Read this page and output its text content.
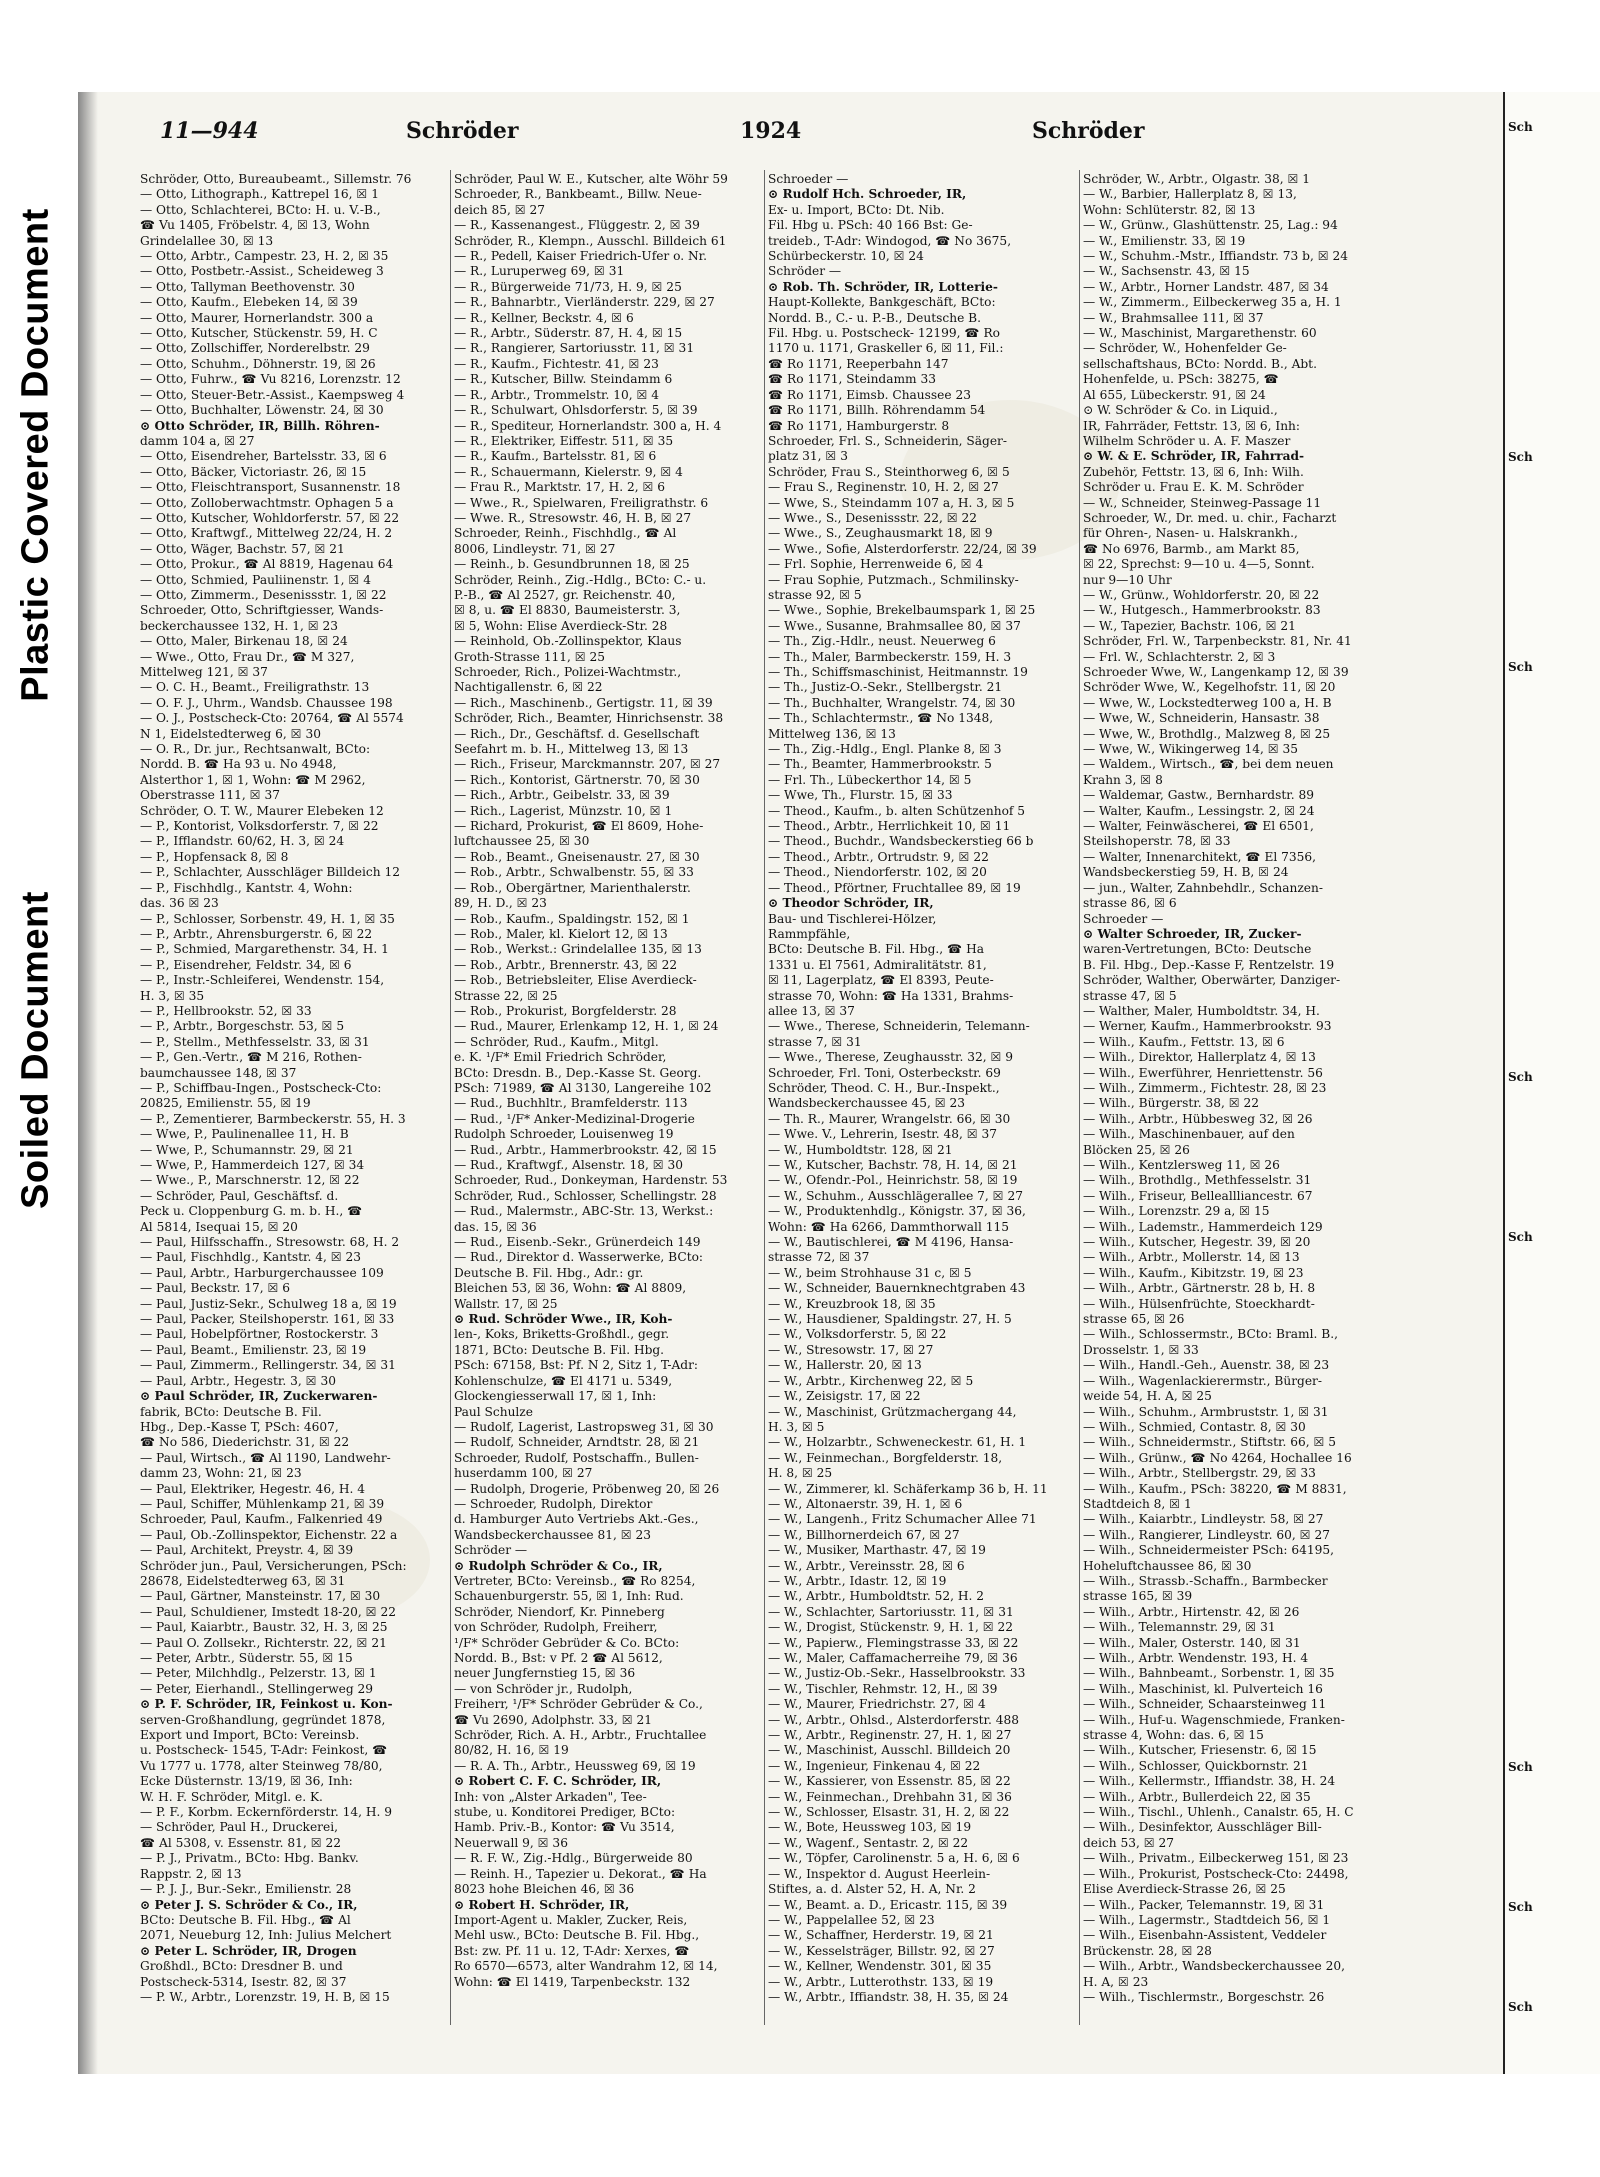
Plastic Covered Document
Soiled Document
11—944	Schröder	1924	Schröder
Schröder, Otto, Bureaubeamt., Sillemstr. 76
— Otto, Lithograph., Kattrepel 16, ☒ 1
— Otto, Schlachterei, BCto: H. u. V.-B.,
☎ Vu 1405, Fröbelstr. 4, ☒ 13, Wohn
Grindelallee 30, ☒ 13
— Otto, Arbtr., Campestr. 23, H. 2, ☒ 35
— Otto, Postbetr.-Assist., Scheideweg 3
— Otto, Tallyman Beethovenstr. 30
— Otto, Kaufm., Elebeken 14, ☒ 39
— Otto, Maurer, Hornerlandstr. 300 a
— Otto, Kutscher, Stückenstr. 59, H. C
— Otto, Zollschiffer, Norderelbstr. 29
— Otto, Schuhm., Döhnerstr. 19, ☒ 26
— Otto, Fuhrw., ☎ Vu 8216, Lorenzstr. 12
— Otto, Steuer-Betr.-Assist., Kaempsweg 4
— Otto, Buchhalter, Löwenstr. 24, ☒ 30
⊙ Otto Schröder, IR, Billh. Röhren-
damm 104 a, ☒ 27
— Otto, Eisendreher, Bartelsstr. 33, ☒ 6
— Otto, Bäcker, Victoriastr. 26, ☒ 15
— Otto, Fleischtransport, Susannenstr. 18
— Otto, Zolloberwachtmstr. Ophagen 5 a
— Otto, Kutscher, Wohldorferstr. 57, ☒ 22
— Otto, Kraftwgf., Mittelweg 22/24, H. 2
— Otto, Wäger, Bachstr. 57, ☒ 21
— Otto, Prokur., ☎ Al 8819, Hagenau 64
— Otto, Schmied, Pauliinenstr. 1, ☒ 4
— Otto, Zimmerm., Desenissstr. 1, ☒ 22
Schroeder, Otto, Schriftgiesser, Wands-
beckerchaussee 132, H. 1, ☒ 23
— Otto, Maler, Birkenau 18, ☒ 24
— Wwe., Otto, Frau Dr., ☎ M 327,
Mittelweg 121, ☒ 37
— O. C. H., Beamt., Freiligrathstr. 13
— O. F. J., Uhrm., Wandsb. Chaussee 198
— O. J., Postscheck-Cto: 20764, ☎ Al 5574
N 1, Eidelstedterweg 6, ☒ 30
— O. R., Dr. jur., Rechtsanwalt, BCto:
Nordd. B. ☎ Ha 93 u. No 4948,
Alsterthor 1, ☒ 1, Wohn: ☎ M 2962,
Oberstrasse 111, ☒ 37
Schröder, O. T. W., Maurer Elebeken 12
— P., Kontorist, Volksdorferstr. 7, ☒ 22
— P., Ifflandstr. 60/62, H. 3, ☒ 24
— P., Hopfensack 8, ☒ 8
— P., Schlachter, Ausschläger Billdeich 12
— P., Fischhdlg., Kantstr. 4, Wohn:
das. 36 ☒ 23
— P., Schlosser, Sorbenstr. 49, H. 1, ☒ 35
— P., Arbtr., Ahrensburgerstr. 6, ☒ 22
— P., Schmied, Margarethenstr. 34, H. 1
— P., Eisendreher, Feldstr. 34, ☒ 6
— P., Instr.-Schleiferei, Wendenstr. 154,
H. 3, ☒ 35
— P., Hellbrookstr. 52, ☒ 33
— P., Arbtr., Borgeschstr. 53, ☒ 5
— P., Stellm., Methfesselstr. 33, ☒ 31
— P., Gen.-Vertr., ☎ M 216, Rothen-
baumchaussee 148, ☒ 37
— P., Schiffbau-Ingen., Postscheck-Cto:
20825, Emilienstr. 55, ☒ 19
— P., Zementierer, Barmbeckerstr. 55, H. 3
— Wwe, P., Paulinenallee 11, H. B
— Wwe, P., Schumannstr. 29, ☒ 21
— Wwe, P., Hammerdeich 127, ☒ 34
— Wwe., P., Marschnerstr. 12, ☒ 22
— Schröder, Paul, Geschäftsf. d.
Peck u. Cloppenburg G. m. b. H., ☎
Al 5814, Isequai 15, ☒ 20
— Paul, Hilfsschaffn., Stresowstr. 68, H. 2
— Paul, Fischhdlg., Kantstr. 4, ☒ 23
— Paul, Arbtr., Harburgerchaussee 109
— Paul, Beckstr. 17, ☒ 6
— Paul, Justiz-Sekr., Schulweg 18 a, ☒ 19
— Paul, Packer, Steilshoperstr. 161, ☒ 33
— Paul, Hobelpförtner, Rostockerstr. 3
— Paul, Beamt., Emilienstr. 23, ☒ 19
— Paul, Zimmerm., Rellingerstr. 34, ☒ 31
— Paul, Arbtr., Hegestr. 3, ☒ 30
⊙ Paul Schröder, IR, Zuckerwaren-
fabrik, BCto: Deutsche B. Fil.
Hbg., Dep.-Kasse T, PSch: 4607,
☎ No 586, Diederichstr. 31, ☒ 22
— Paul, Wirtsch., ☎ Al 1190, Landwehr-
damm 23, Wohn: 21, ☒ 23
— Paul, Elektriker, Hegestr. 46, H. 4
— Paul, Schiffer, Mühlenkamp 21, ☒ 39
Schroeder, Paul, Kaufm., Falkenried 49
— Paul, Ob.-Zollinspektor, Eichenstr. 22 a
— Paul, Architekt, Preystr. 4, ☒ 39
Schröder jun., Paul, Versicherungen, PSch:
28678, Eidelstedterweg 63, ☒ 31
— Paul, Gärtner, Mansteinstr. 17, ☒ 30
— Paul, Schuldiener, Imstedt 18-20, ☒ 22
— Paul, Kaiarbtr., Baustr. 32, H. 3, ☒ 25
— Paul O. Zollsekr., Richterstr. 22, ☒ 21
— Peter, Arbtr., Süderstr. 55, ☒ 15
— Peter, Milchhdlg., Pelzerstr. 13, ☒ 1
— Peter, Eierhandl., Stellingerweg 29
⊙ P. F. Schröder, IR, Feinkost u. Kon-
serven-Großhandlung, gegründet 1878,
Export und Import, BCto: Vereinsb.
u. Postscheck- 1545, T-Adr: Feinkost, ☎
Vu 1777 u. 1778, alter Steinweg 78/80,
Ecke Düsternstr. 13/19, ☒ 36, Inh:
W. H. F. Schröder, Mitgl. e. K.
— P. F., Korbm. Eckernförderstr. 14, H. 9
— Schröder, Paul H., Druckerei,
☎ Al 5308, v. Essenstr. 81, ☒ 22
— P. J., Privatm., BCto: Hbg. Bankv.
Rappstr. 2, ☒ 13
— P. J. J., Bur.-Sekr., Emilienstr. 28
⊙ Peter J. S. Schröder & Co., IR,
BCto: Deutsche B. Fil. Hbg., ☎ Al
2071, Neueburg 12, Inh: Julius Melchert
⊙ Peter L. Schröder, IR, Drogen
Großhdl., BCto: Dresdner B. und
Postscheck-5314, Isestr. 82, ☒ 37
— P. W., Arbtr., Lorenzstr. 19, H. B, ☒ 15
Schröder, Paul W. E., Kutscher, alte Wöhr 59
Schroeder, R., Bankbeamt., Billw. Neue-
deich 85, ☒ 27
— R., Kassenangest., Flüggestr. 2, ☒ 39
Schröder, R., Klempn., Ausschl. Billdeich 61
— R., Pedell, Kaiser Friedrich-Ufer o. Nr.
— R., Luruperweg 69, ☒ 31
— R., Bürgerweide 71/73, H. 9, ☒ 25
— R., Bahnarbtr., Vierländerstr. 229, ☒ 27
— R., Kellner, Beckstr. 4, ☒ 6
— R., Arbtr., Süderstr. 87, H. 4, ☒ 15
— R., Rangierer, Sartoriusstr. 11, ☒ 31
— R., Kaufm., Fichtestr. 41, ☒ 23
— R., Kutscher, Billw. Steindamm 6
— R., Arbtr., Trommelstr. 10, ☒ 4
— R., Schulwart, Ohlsdorferstr. 5, ☒ 39
— R., Spediteur, Hornerlandstr. 300 a, H. 4
— R., Elektriker, Eiffestr. 511, ☒ 35
— R., Kaufm., Bartelsstr. 81, ☒ 6
— R., Schauermann, Kielerstr. 9, ☒ 4
— Frau R., Marktstr. 17, H. 2, ☒ 6
— Wwe., R., Spielwaren, Freiligrathstr. 6
— Wwe. R., Stresowstr. 46, H. B, ☒ 27
Schroeder, Reinh., Fischhdlg., ☎ Al
8006, Lindleystr. 71, ☒ 27
— Reinh., b. Gesundbrunnen 18, ☒ 25
Schröder, Reinh., Zig.-Hdlg., BCto: C.- u.
P.-B., ☎ Al 2527, gr. Reichenstr. 40,
☒ 8, u. ☎ El 8830, Baumeisterstr. 3,
☒ 5, Wohn: Elise Averdieck-Str. 28
— Reinhold, Ob.-Zollinspektor, Klaus
Groth-Strasse 111, ☒ 25
Schroeder, Rich., Polizei-Wachtmstr.,
Nachtigallenstr. 6, ☒ 22
— Rich., Maschinenb., Gertigstr. 11, ☒ 39
Schröder, Rich., Beamter, Hinrichsenstr. 38
— Rich., Dr., Geschäftsf. d. Gesellschaft
Seefahrt m. b. H., Mittelweg 13, ☒ 13
— Rich., Friseur, Marckmannstr. 207, ☒ 27
— Rich., Kontorist, Gärtnerstr. 70, ☒ 30
— Rich., Arbtr., Geibelstr. 33, ☒ 39
— Rich., Lagerist, Münzstr. 10, ☒ 1
— Richard, Prokurist, ☎ El 8609, Hohe-
luftchaussee 25, ☒ 30
— Rob., Beamt., Gneisenaustr. 27, ☒ 30
— Rob., Arbtr., Schwalbenstr. 55, ☒ 33
— Rob., Obergärtner, Marienthalerstr.
89, H. D., ☒ 23
— Rob., Kaufm., Spaldingstr. 152, ☒ 1
— Rob., Maler, kl. Kielort 12, ☒ 13
— Rob., Werkst.: Grindelallee 135, ☒ 13
— Rob., Arbtr., Brennerstr. 43, ☒ 22
— Rob., Betriebsleiter, Elise Averdieck-
Strasse 22, ☒ 25
— Rob., Prokurist, Borgfelderstr. 28
— Rud., Maurer, Erlenkamp 12, H. 1, ☒ 24
— Schröder, Rud., Kaufm., Mitgl.
e. K. ¹/F* Emil Friedrich Schröder,
BCto: Dresdn. B., Dep.-Kasse St. Georg.
PSch: 71989, ☎ Al 3130, Langereihe 102
— Rud., Buchhltr., Bramfelderstr. 113
— Rud., ¹/F* Anker-Medizinal-Drogerie
Rudolph Schroeder, Louisenweg 19
— Rud., Arbtr., Hammerbrookstr. 42, ☒ 15
— Rud., Kraftwgf., Alsenstr. 18, ☒ 30
Schroeder, Rud., Donkeyman, Hardenstr. 53
Schröder, Rud., Schlosser, Schellingstr. 28
— Rud., Malermstr., ABC-Str. 13, Werkst.:
das. 15, ☒ 36
— Rud., Eisenb.-Sekr., Grünerdeich 149
— Rud., Direktor d. Wasserwerke, BCto:
Deutsche B. Fil. Hbg., Adr.: gr.
Bleichen 53, ☒ 36, Wohn: ☎ Al 8809,
Wallstr. 17, ☒ 25
⊙ Rud. Schröder Wwe., IR, Koh-
len-, Koks, Briketts-Großhdl., gegr.
1871, BCto: Deutsche B. Fil. Hbg.
PSch: 67158, Bst: Pf. N 2, Sitz 1, T-Adr:
Kohlenschulze, ☎ El 4171 u. 5349,
Glockengiesserwall 17, ☒ 1, Inh:
Paul Schulze
— Rudolf, Lagerist, Lastropsweg 31, ☒ 30
— Rudolf, Schneider, Arndtstr. 28, ☒ 21
Schroeder, Rudolf, Postschaffn., Bullen-
huserdamm 100, ☒ 27
— Rudolph, Drogerie, Pröbenweg 20, ☒ 26
— Schroeder, Rudolph, Direktor
d. Hamburger Auto Vertriebs Akt.-Ges.,
Wandsbeckerchaussee 81, ☒ 23
Schröder —
⊙ Rudolph Schröder & Co., IR,
Vertreter, BCto: Vereinsb., ☎ Ro 8254,
Schauenburgerstr. 55, ☒ 1, Inh: Rud.
Schröder, Niendorf, Kr. Pinneberg
von Schröder, Rudolph, Freiherr,
¹/F* Schröder Gebrüder & Co. BCto:
Nordd. B., Bst: v Pf. 2 ☎ Al 5612,
neuer Jungfernstieg 15, ☒ 36
— von Schröder jr., Rudolph,
Freiherr, ¹/F* Schröder Gebrüder & Co.,
☎ Vu 2690, Adolphstr. 33, ☒ 21
Schröder, Rich. A. H., Arbtr., Fruchtallee
80/82, H. 16, ☒ 19
— R. A. Th., Arbtr., Heussweg 69, ☒ 19
⊙ Robert C. F. C. Schröder, IR,
Inh: von „Alster Arkaden", Tee-
stube, u. Konditorei Prediger, BCto:
Hamb. Priv.-B., Kontor: ☎ Vu 3514,
Neuerwall 9, ☒ 36
— R. F. W., Zig.-Hdlg., Bürgerweide 80
— Reinh. H., Tapezier u. Dekorat., ☎ Ha
8023 hohe Bleichen 46, ☒ 36
⊙ Robert H. Schröder, IR,
Import-Agent u. Makler, Zucker, Reis,
Mehl usw., BCto: Deutsche B. Fil. Hbg.,
Bst: zw. Pf. 11 u. 12, T-Adr: Xerxes, ☎
Ro 6570—6573, alter Wandrahm 12, ☒ 14,
Wohn: ☎ El 1419, Tarpenbeckstr. 132
Schroeder —
⊙ Rudolf Hch. Schroeder, IR,
Ex- u. Import, BCto: Dt. Nib.
Fil. Hbg u. PSch: 40 166 Bst: Ge-
treideb., T-Adr: Windogod, ☎ No 3675,
Schürbeckerstr. 10, ☒ 24
Schröder —
⊙ Rob. Th. Schröder, IR, Lotterie-
Haupt-Kollekte, Bankgeschäft, BCto:
Nordd. B., C.- u. P.-B., Deutsche B.
Fil. Hbg. u. Postscheck- 12199, ☎ Ro
1170 u. 1171, Graskeller 6, ☒ 11, Fil.:
☎ Ro 1171, Reeperbahn 147
☎ Ro 1171, Steindamm 33
☎ Ro 1171, Eimsb. Chaussee 23
☎ Ro 1171, Billh. Röhrendamm 54
☎ Ro 1171, Hamburgerstr. 8
Schroeder, Frl. S., Schneiderin, Säger-
platz 31, ☒ 3
Schröder, Frau S., Steinthorweg 6, ☒ 5
— Frau S., Reginenstr. 10, H. 2, ☒ 27
— Wwe, S., Steindamm 107 a, H. 3, ☒ 5
— Wwe., S., Desenissstr. 22, ☒ 22
— Wwe., S., Zeughausmarkt 18, ☒ 9
— Wwe., Sofie, Alsterdorferstr. 22/24, ☒ 39
— Frl. Sophie, Herrenweide 6, ☒ 4
— Frau Sophie, Putzmach., Schmilinsky-
strasse 92, ☒ 5
— Wwe., Sophie, Brekelbaumspark 1, ☒ 25
— Wwe., Susanne, Brahmsallee 80, ☒ 37
— Th., Zig.-Hdlr., neust. Neuerweg 6
— Th., Maler, Barmbeckerstr. 159, H. 3
— Th., Schiffsmaschinist, Heitmannstr. 19
— Th., Justiz-O.-Sekr., Stellbergstr. 21
— Th., Buchhalter, Wrangelstr. 74, ☒ 30
— Th., Schlachtermstr., ☎ No 1348,
Mittelweg 136, ☒ 13
— Th., Zig.-Hdlg., Engl. Planke 8, ☒ 3
— Th., Beamter, Hammerbrookstr. 5
— Frl. Th., Lübeckerthor 14, ☒ 5
— Wwe, Th., Flurstr. 15, ☒ 33
— Theod., Kaufm., b. alten Schützenhof 5
— Theod., Arbtr., Herrlichkeit 10, ☒ 11
— Theod., Buchdr., Wandsbeckerstieg 66 b
— Theod., Arbtr., Ortrudstr. 9, ☒ 22
— Theod., Niendorferstr. 102, ☒ 20
— Theod., Pförtner, Fruchtallee 89, ☒ 19
⊙ Theodor Schröder, IR,
Bau- und Tischlerei-Hölzer,
Rammpfähle,
BCto: Deutsche B. Fil. Hbg., ☎ Ha
1331 u. El 7561, Admiralitätstr. 81,
☒ 11, Lagerplatz, ☎ El 8393, Peute-
strasse 70, Wohn: ☎ Ha 1331, Brahms-
allee 13, ☒ 37
— Wwe., Therese, Schneiderin, Telemann-
strasse 7, ☒ 31
— Wwe., Therese, Zeughausstr. 32, ☒ 9
Schroeder, Frl. Toni, Osterbeckstr. 69
Schröder, Theod. C. H., Bur.-Inspekt.,
Wandsbeckerchaussee 45, ☒ 23
— Th. R., Maurer, Wrangelstr. 66, ☒ 30
— Wwe. V., Lehrerin, Isestr. 48, ☒ 37
— W., Humboldtstr. 128, ☒ 21
— W., Kutscher, Bachstr. 78, H. 14, ☒ 21
— W., Ofendr.-Pol., Heinrichstr. 58, ☒ 19
— W., Schuhm., Ausschlägerallee 7, ☒ 27
— W., Produktenhdlg., Königstr. 37, ☒ 36,
Wohn: ☎ Ha 6266, Dammthorwall 115
— W., Bautischlerei, ☎ M 4196, Hansa-
strasse 72, ☒ 37
— W., beim Strohhause 31 c, ☒ 5
— W., Schneider, Bauernknechtgraben 43
— W., Kreuzbrook 18, ☒ 35
— W., Hausdiener, Spaldingstr. 27, H. 5
— W., Volksdorferstr. 5, ☒ 22
— W., Stresowstr. 17, ☒ 27
— W., Hallerstr. 20, ☒ 13
— W., Arbtr., Kirchenweg 22, ☒ 5
— W., Zeisigstr. 17, ☒ 22
— W., Maschinist, Grützmachergang 44,
H. 3, ☒ 5
— W., Holzarbtr., Schweneckestr. 61, H. 1
— W., Feinmechan., Borgfelderstr. 18,
H. 8, ☒ 25
— W., Zimmerer, kl. Schäferkamp 36 b, H. 11
— W., Altonaerstr. 39, H. 1, ☒ 6
— W., Langenh., Fritz Schumacher Allee 71
— W., Billhornerdeich 67, ☒ 27
— W., Musiker, Marthastr. 47, ☒ 19
— W., Arbtr., Vereinsstr. 28, ☒ 6
— W., Arbtr., Idastr. 12, ☒ 19
— W., Arbtr., Humboldtstr. 52, H. 2
— W., Schlachter, Sartoriusstr. 11, ☒ 31
— W., Drogist, Stückenstr. 9, H. 1, ☒ 22
— W., Papierw., Flemingstrasse 33, ☒ 22
— W., Maler, Caffamacherreihe 79, ☒ 36
— W., Justiz-Ob.-Sekr., Hasselbrookstr. 33
— W., Tischler, Rehmstr. 12, H., ☒ 39
— W., Maurer, Friedrichstr. 27, ☒ 4
— W., Arbtr., Ohlsd., Alsterdorferstr. 488
— W., Arbtr., Reginenstr. 27, H. 1, ☒ 27
— W., Maschinist, Ausschl. Billdeich 20
— W., Ingenieur, Finkenau 4, ☒ 22
— W., Kassierer, von Essenstr. 85, ☒ 22
— W., Feinmechan., Drehbahn 31, ☒ 36
— W., Schlosser, Elsastr. 31, H. 2, ☒ 22
— W., Bote, Heussweg 103, ☒ 19
— W., Wagenf., Sentastr. 2, ☒ 22
— W., Töpfer, Carolinenstr. 5 a, H. 6, ☒ 6
— W., Inspektor d. August Heerlein-
Stiftes, a. d. Alster 52, H. A, Nr. 2
— W., Beamt. a. D., Ericastr. 115, ☒ 39
— W., Pappelallee 52, ☒ 23
— W., Schaffner, Herderstr. 19, ☒ 21
— W., Kesselsträger, Billstr. 92, ☒ 27
— W., Kellner, Wendenstr. 301, ☒ 35
— W., Arbtr., Lutterothstr. 133, ☒ 19
— W., Arbtr., Iffiandstr. 38, H. 35, ☒ 24
Schröder, W., Arbtr., Olgastr. 38, ☒ 1
— W., Barbier, Hallerplatz 8, ☒ 13,
Wohn: Schlüterstr. 82, ☒ 13
— W., Grünw., Glashüttenstr. 25, Lag.: 94
— W., Emilienstr. 33, ☒ 19
— W., Schuhm.-Mstr., Iffiandstr. 73 b, ☒ 24
— W., Sachsenstr. 43, ☒ 15
— W., Arbtr., Horner Landstr. 487, ☒ 34
— W., Zimmerm., Eilbeckerweg 35 a, H. 1
— W., Brahmsallee 111, ☒ 37
— W., Maschinist, Margarethenstr. 60
— Schröder, W., Hohenfelder Ge-
sellschaftshaus, BCto: Nordd. B., Abt.
Hohenfelde, u. PSch: 38275, ☎
Al 655, Lübeckerstr. 91, ☒ 24
⊙ W. Schröder & Co. in Liquid.,
IR, Fahrräder, Fettstr. 13, ☒ 6, Inh:
Wilhelm Schröder u. A. F. Maszer
⊙ W. & E. Schröder, IR, Fahrrad-
Zubehör, Fettstr. 13, ☒ 6, Inh: Wilh.
Schröder u. Frau E. K. M. Schröder
— W., Schneider, Steinweg-Passage 11
Schroeder, W., Dr. med. u. chir., Facharzt
für Ohren-, Nasen- u. Halskrankh.,
☎ No 6976, Barmb., am Markt 85,
☒ 22, Sprechst: 9—10 u. 4—5, Sonnt.
nur 9—10 Uhr
— W., Grünw., Wohldorferstr. 20, ☒ 22
— W., Hutgesch., Hammerbrookstr. 83
— W., Tapezier, Bachstr. 106, ☒ 21
Schröder, Frl. W., Tarpenbeckstr. 81, Nr. 41
— Frl. W., Schlachterstr. 2, ☒ 3
Schroeder Wwe, W., Langenkamp 12, ☒ 39
Schröder Wwe, W., Kegelhofstr. 11, ☒ 20
— Wwe, W., Lockstedterweg 100 a, H. B
— Wwe, W., Schneiderin, Hansastr. 38
— Wwe, W., Brothdlg., Malzweg 8, ☒ 25
— Wwe, W., Wikingerweg 14, ☒ 35
— Waldem., Wirtsch., ☎, bei dem neuen
Krahn 3, ☒ 8
— Waldemar, Gastw., Bernhardstr. 89
— Walter, Kaufm., Lessingstr. 2, ☒ 24
— Walter, Feinwäscherei, ☎ El 6501,
Steilshoperstr. 78, ☒ 33
— Walter, Innenarchitekt, ☎ El 7356,
Wandsbeckerstieg 59, H. B, ☒ 24
— jun., Walter, Zahnbehdlr., Schanzen-
strasse 86, ☒ 6
Schroeder —
⊙ Walter Schroeder, IR, Zucker-
waren-Vertretungen, BCto: Deutsche
B. Fil. Hbg., Dep.-Kasse F, Rentzelstr. 19
Schröder, Walther, Oberwärter, Danziger-
strasse 47, ☒ 5
— Walther, Maler, Humboldtstr. 34, H.
— Werner, Kaufm., Hammerbrookstr. 93
— Wilh., Kaufm., Fettstr. 13, ☒ 6
— Wilh., Direktor, Hallerplatz 4, ☒ 13
— Wilh., Ewerführer, Henriettenstr. 56
— Wilh., Zimmerm., Fichtestr. 28, ☒ 23
— Wilh., Bürgerstr. 38, ☒ 22
— Wilh., Arbtr., Hübbesweg 32, ☒ 26
— Wilh., Maschinenbauer, auf den
Blöcken 25, ☒ 26
— Wilh., Kentzlersweg 11, ☒ 26
— Wilh., Brothdlg., Methfesselstr. 31
— Wilh., Friseur, Belleallliancestr. 67
— Wilh., Lorenzstr. 29 a, ☒ 15
— Wilh., Lademstr., Hammerdeich 129
— Wilh., Kutscher, Hegestr. 39, ☒ 20
— Wilh., Arbtr., Mollerstr. 14, ☒ 13
— Wilh., Kaufm., Kibitzstr. 19, ☒ 23
— Wilh., Arbtr., Gärtnerstr. 28 b, H. 8
— Wilh., Hülsenfrüchte, Stoeckhardt-
strasse 65, ☒ 26
— Wilh., Schlossermstr., BCto: Braml. B.,
Drosselstr. 1, ☒ 33
— Wilh., Handl.-Geh., Auenstr. 38, ☒ 23
— Wilh., Wagenlackierermstr., Bürger-
weide 54, H. A, ☒ 25
— Wilh., Schuhm., Armbruststr. 1, ☒ 31
— Wilh., Schmied, Contastr. 8, ☒ 30
— Wilh., Schneidermstr., Stiftstr. 66, ☒ 5
— Wilh., Grünw., ☎ No 4264, Hochallee 16
— Wilh., Arbtr., Stellbergstr. 29, ☒ 33
— Wilh., Kaufm., PSch: 38220, ☎ M 8831,
Stadtdeich 8, ☒ 1
— Wilh., Kaiarbtr., Lindleystr. 58, ☒ 27
— Wilh., Rangierer, Lindleystr. 60, ☒ 27
— Wilh., Schneidermeister PSch: 64195,
Hoheluftchaussee 86, ☒ 30
— Wilh., Strassb.-Schaffn., Barmbecker
strasse 165, ☒ 39
— Wilh., Arbtr., Hirtenstr. 42, ☒ 26
— Wilh., Telemannstr. 29, ☒ 31
— Wilh., Maler, Osterstr. 140, ☒ 31
— Wilh., Arbtr. Wendenstr. 193, H. 4
— Wilh., Bahnbeamt., Sorbenstr. 1, ☒ 35
— Wilh., Maschinist, kl. Pulverteich 16
— Wilh., Schneider, Schaarsteinweg 11
— Wilh., Huf-u. Wagenschmiede, Franken-
strasse 4, Wohn: das. 6, ☒ 15
— Wilh., Kutscher, Friesenstr. 6, ☒ 15
— Wilh., Schlosser, Quickbornstr. 21
— Wilh., Kellermstr., Iffiandstr. 38, H. 24
— Wilh., Arbtr., Bullerdeich 22, ☒ 35
— Wilh., Tischl., Uhlenh., Canalstr. 65, H. C
— Wilh., Desinfektor, Ausschläger Bill-
deich 53, ☒ 27
— Wilh., Privatm., Eilbeckerweg 151, ☒ 23
— Wilh., Prokurist, Postscheck-Cto: 24498,
Elise Averdieck-Strasse 26, ☒ 25
— Wilh., Packer, Telemannstr. 19, ☒ 31
— Wilh., Lagermstr., Stadtdeich 56, ☒ 1
— Wilh., Eisenbahn-Assistent, Veddeler
Brückenstr. 28, ☒ 28
— Wilh., Arbtr., Wandsbeckerchaussee 20,
H. A, ☒ 23
— Wilh., Tischlermstr., Borgeschstr. 26
Sch
Sch
Sch
Sch
Sch
Sch
Sch
Sch
